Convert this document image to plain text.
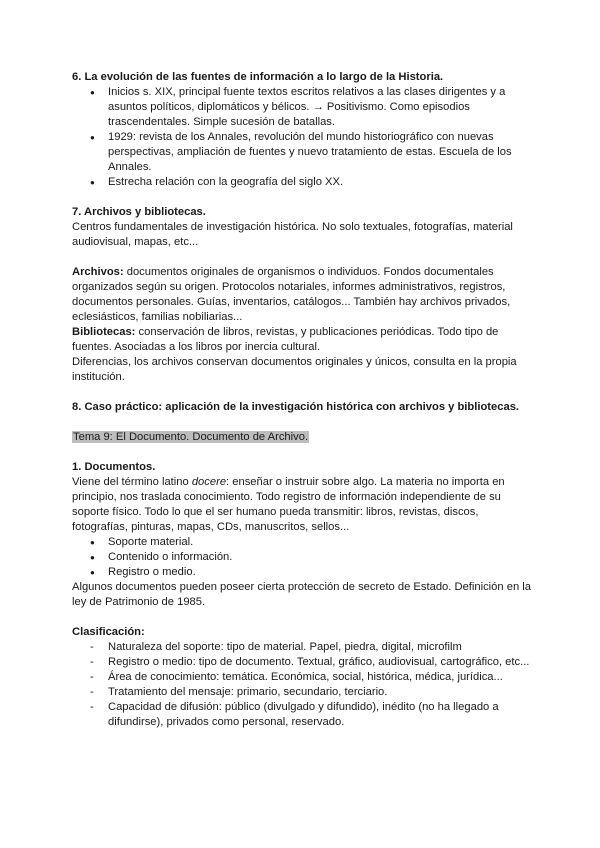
6. La evolución de las fuentes de información a lo largo de la Historia.
● Inicios s. XIX, principal fuente textos escritos relativos a las clases dirigentes y a asuntos políticos, diplomáticos y bélicos. → Positivismo. Como episodios trascendentales. Simple sucesión de batallas.
● 1929: revista de los Annales, revolución del mundo historiográfico con nuevas perspectivas, ampliación de fuentes y nuevo tratamiento de estas. Escuela de los Annales.
● Estrecha relación con la geografía del siglo XX.
7. Archivos y bibliotecas.

Centros fundamentales de investigación histórica. No solo textuales, fotografías, material audiovisual, mapas, etc...

Archivos: documentos originales de organismos o individuos. Fondos documentales organizados según su origen. Protocolos notariales, informes administrativos, registros, documentos personales. Guías, inventarios, catálogos... También hay archivos privados, eclesiásticos, familias nobiliarias...

Bibliotecas: conservación de libros, revistas, y publicaciones periódicas. Todo tipo de fuentes. Asociadas a los libros por inercia cultural.

Diferencias, los archivos conservan documentos originales y únicos, consulta en la propia institución.

8. Caso práctico: aplicación de la investigación histórica con archivos y bibliotecas.

Tema 9: El Documento. Documento de Archivo.

1. Documentos.

Viene del término latino docere: enseñar o instruir sobre algo. La materia no importa en principio, nos traslada conocimiento. Todo registro de información independiente de su soporte físico. Todo lo que el ser humano pueda transmitir: libros, revistas, discos, fotografías, pinturas, mapas, CDs, manuscritos, sellos...

● Soporte material.
● Contenido o información.
● Registro o medio.

Algunos documentos pueden poseer cierta protección de secreto de Estado. Definición en la ley de Patrimonio de 1985.

Clasificación:
- Naturaleza del soporte: tipo de material. Papel, piedra, digital, microfilm
- Registro o medio: tipo de documento. Textual, gráfico, audiovisual, cartográfico, etc...
- Área de conocimiento: temática. Económica, social, histórica, médica, jurídica...
- Tratamiento del mensaje: primario, secundario, terciario.
- Capacidad de difusión: público (divulgado y difundido), inédito (no ha llegado a difundirse), privados como personal, reservado.
